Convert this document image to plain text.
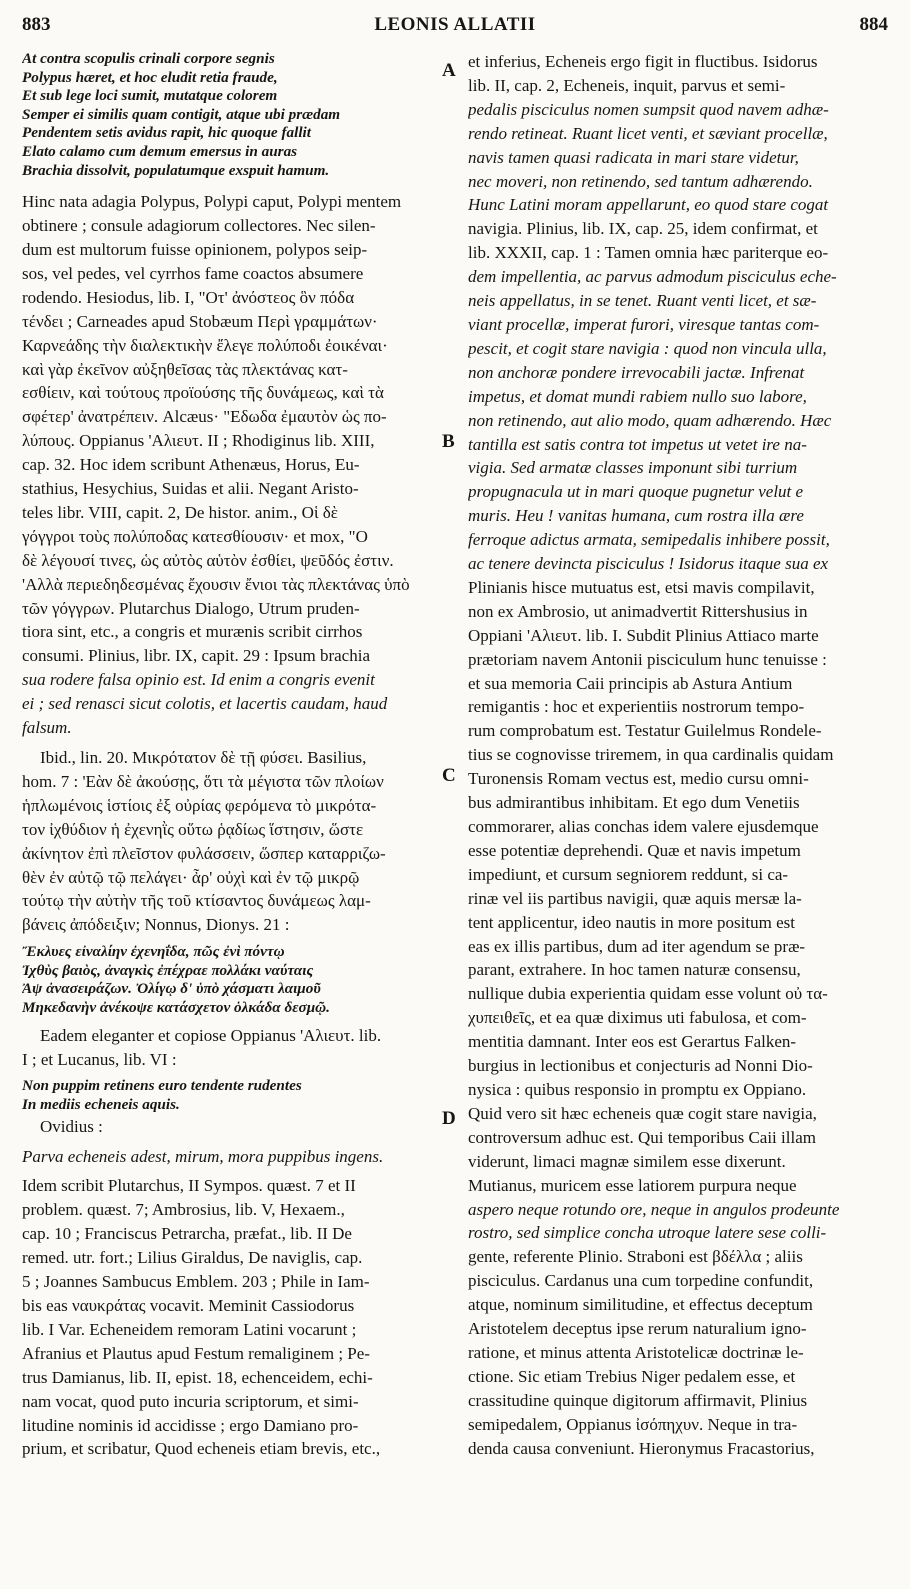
883	LEONIS ALLATII	884
A
B
C
D
At contra scopulis crinali corpore segnis
Polypus hæret, et hoc eludit retia fraude,
Et sub lege loci sumit, mutatque colorem
Semper ei similis quam contigit, atque ubi prædam
Pendentem setis avidus rapit, hic quoque fallit
Elato calamo cum demum emersus in auras
Brachia dissolvit, populatumque exspuit hamum.
Hinc nata adagia Polypus, Polypi caput, Polypi mentem
obtinere ; consule adagiorum collectores. Nec silen-
dum est multorum fuisse opinionem, polypos seip-
sos, vel pedes, vel cyrrhos fame coactos absumere
rodendo. Hesiodus, lib. I, "Οτ' ἀνόστεος ὃν πόδα
τένδει ; Carneades apud Stobæum Περὶ γραμμάτων·
Καρνεάδης τὴν διαλεκτικὴν ἔλεγε πολύποδι ἐοικέναι·
καὶ γὰρ ἐκεῖνον αὐξηθεῖσας τὰς πλεκτάνας κατ-
εσθίειν, καὶ τούτους προϊούσης τῆς δυνάμεως, καὶ τὰ
σφέτερ' ἀνατρέπειν. Alcæus· "Εδωδα ἐμαυτὸν ὡς πο-
λύπους. Oppianus 'Αλιευτ. II ; Rhodiginus lib. XIII,
cap. 32. Hoc idem scribunt Athenæus, Horus, Eu-
stathius, Hesychius, Suidas et alii. Negant Aristo-
teles libr. VIII, capit. 2, De histor. anim., Οἱ δὲ
γόγγροι τοὺς πολύποδας κατεσθίουσιν· et mox, "Ο
δὲ λέγουσί τινες, ὡς αὐτὸς αὑτὸν ἐσθίει, ψεῦδός ἐστιν.
'Αλλὰ περιεδηδεσμένας ἔχουσιν ἔνιοι τὰς πλεκτάνας ὑπὸ
τῶν γόγγρων. Plutarchus Dialogo, Utrum pruden-
tiora sint, etc., a congris et murænis scribit cirrhos
consumi. Plinius, libr. IX, capit. 29 : Ipsum brachia
sua rodere falsa opinio est. Id enim a congris evenit
ei ; sed renasci sicut colotis, et lacertis caudam, haud
falsum.
Ibid., lin. 20. Μικρότατον δὲ τῇ φύσει. Basilius,
hom. 7 : 'Εὰν δὲ ἀκούσῃς, ὅτι τὰ μέγιστα τῶν πλοίων
ἡπλωμένοις ἱστίοις ἐξ οὐρίας φερόμενα τὸ μικρότα-
τον ἰχθύδιον ἡ ἐχενηῒς οὕτω ῥᾳδίως ἵστησιν, ὥστε
ἀκίνητον ἐπὶ πλεῖστον φυλάσσειν, ὥσπερ καταρριζω-
θὲν ἐν αὐτῷ τῷ πελάγει· ἆρ' οὐχὶ καὶ ἐν τῷ μικρῷ
τούτῳ τὴν αὐτὴν τῆς τοῦ κτίσαντος δυνάμεως λαμ-
βάνεις ἀπόδειξιν; Nonnus, Dionys. 21 :
Ἔκλυες εἰναλίην ἐχενηΐδα, πῶς ἐνὶ πόντῳ
Ἰχθὺς βαιὸς, ἀναγκὶς ἐπέχραε πολλάκι ναύταις
Ἀψ ἀνασειράζων. Ὀλίγῳ δ' ὑπὸ χάσματι λαιμοῦ
Μηκεδανὴν ἀνέκοψε κατάσχετον ὁλκάδα δεσμῷ.
Eadem eleganter et copiose Oppianus 'Αλιευτ. lib.
I ; et Lucanus, lib. VI :
Non puppim retinens euro tendente rudentes
In mediis echeneis aquis.
Ovidius :
Parva echeneis adest, mirum, mora puppibus ingens.
Idem scribit Plutarchus, II Sympos. quæst. 7 et II
problem. quæst. 7; Ambrosius, lib. V, Hexaem.,
cap. 10 ; Franciscus Petrarcha, præfat., lib. II De
remed. utr. fort.; Lilius Giraldus, De naviglis, cap.
5 ; Joannes Sambucus Emblem. 203 ; Phile in Iam-
bis eas ναυκράτας vocavit. Meminit Cassiodorus
lib. I Var. Echeneidem remoram Latini vocarunt ;
Afranius et Plautus apud Festum remaliginem ; Pe-
trus Damianus, lib. II, epist. 18, echenceidem, echi-
nam vocat, quod puto incuria scriptorum, et simi-
litudine nominis id accidisse ; ergo Damiano pro-
prium, et scribatur, Quod echeneis etiam brevis, etc.,
et inferius, Echeneis ergo figit in fluctibus. Isidorus
lib. II, cap. 2, Echeneis, inquit, parvus et semi-
pedalis pisciculus nomen sumpsit quod navem adhæ-
rendo retineat. Ruant licet venti, et sæviant procellæ,
navis tamen quasi radicata in mari stare videtur,
nec moveri, non retinendo, sed tantum adhærendo.
Hunc Latini moram appellarunt, eo quod stare cogat
navigia. Plinius, lib. IX, cap. 25, idem confirmat, et
lib. XXXII, cap. 1 : Tamen omnia hæc pariterque eo-
dem impellentia, ac parvus admodum pisciculus eche-
neis appellatus, in se tenet. Ruant venti licet, et sæ-
viant procellæ, imperat furori, viresque tantas com-
pescit, et cogit stare navigia : quod non vincula ulla,
non anchoræ pondere irrevocabili jactæ. Infrenat
impetus, et domat mundi rabiem nullo suo labore,
non retinendo, aut alio modo, quam adhærendo. Hæc
tantilla est satis contra tot impetus ut vetet ire na-
vigia. Sed armatæ classes imponunt sibi turrium
propugnacula ut in mari quoque pugnetur velut e
muris. Heu ! vanitas humana, cum rostra illa ære
ferroque adictus armata, semipedalis inhibere possit,
ac tenere devincta pisciculus ! Isidorus itaque sua ex
Plinianis hisce mutuatus est, etsi mavis compilavit,
non ex Ambrosio, ut animadvertit Rittershusius in
Oppiani 'Αλιευτ. lib. I. Subdit Plinius Attiaco marte
prætoriam navem Antonii pisciculum hunc tenuisse :
et sua memoria Caii principis ab Astura Antium
remigantis : hoc et experientiis nostrorum tempo-
rum comprobatum est. Testatur Guilelmus Rondele-
tius se cognovisse triremem, in qua cardinalis quidam
Turonensis Romam vectus est, medio cursu omni-
bus admirantibus inhibitam. Et ego dum Venetiis
commorarer, alias conchas idem valere ejusdemque
esse potentiæ deprehendi. Quæ et navis impetum
impediunt, et cursum segniorem reddunt, si ca-
rinæ vel iis partibus navigii, quæ aquis mersæ la-
tent applicentur, ideo nautis in more positum est
eas ex illis partibus, dum ad iter agendum se præ-
parant, extrahere. In hoc tamen naturæ consensu,
nullique dubia experientia quidam esse volunt οὐ τα-
χυπειθεῖς, et ea quæ diximus uti fabulosa, et com-
mentitia damnant. Inter eos est Gerartus Falken-
burgius in lectionibus et conjecturis ad Nonni Dio-
nysica : quibus responsio in promptu ex Oppiano.
Quid vero sit hæc echeneis quæ cogit stare navigia,
controversum adhuc est. Qui temporibus Caii illam
viderunt, limaci magnæ similem esse dixerunt.
Mutianus, muricem esse latiorem purpura neque
aspero neque rotundo ore, neque in angulos prodeunte
rostro, sed simplice concha utroque latere sese colli-
gente, referente Plinio. Straboni est βδέλλα ; aliis
pisciculus. Cardanus una cum torpedine confundit,
atque, nominum similitudine, et effectus deceptum
Aristotelem deceptus ipse rerum naturalium igno-
ratione, et minus attenta Aristotelicæ doctrinæ le-
ctione. Sic etiam Trebius Niger pedalem esse, et
crassitudine quinque digitorum affirmavit, Plinius
semipedalem, Oppianus ἰσόπηχυν. Neque in tra-
denda causa conveniunt. Hieronymus Fracastorius,
